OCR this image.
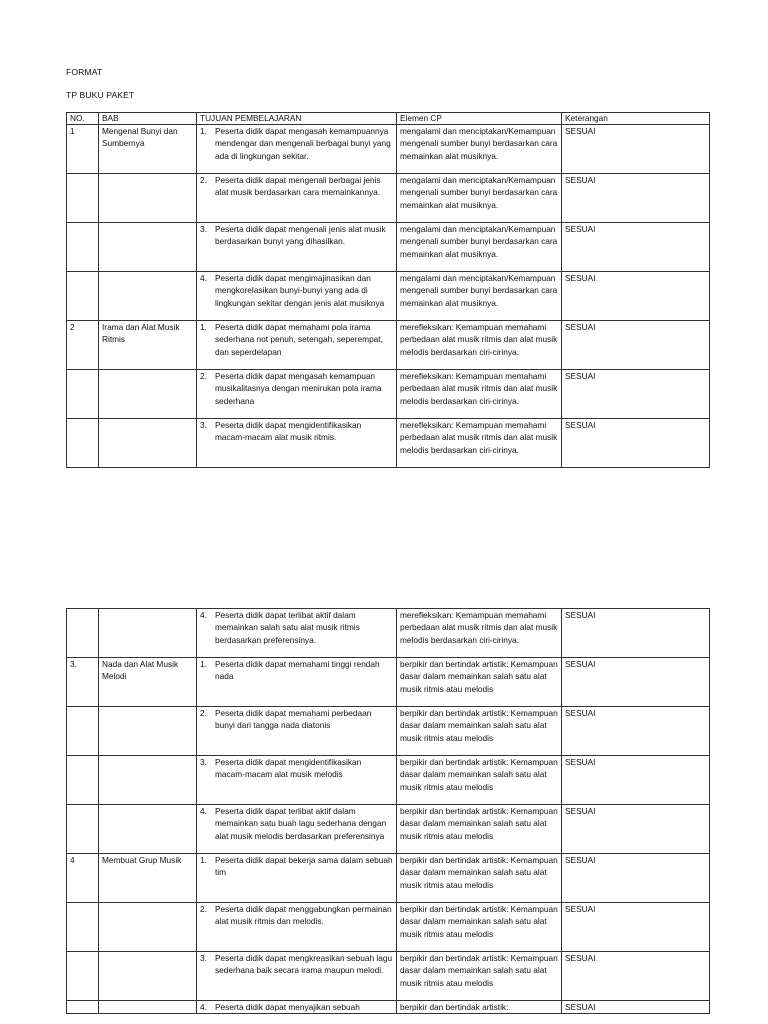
FORMAT
TP BUKU PAKET
NO.	BAB	TUJUAN PEMBELAJARAN	Elemen CP	Keterangan
1	Mengenal Bunyi dan Sumbernya	1. Peserta didik dapat mengasah kemampuannya mendengar dan mengenali berbagai bunyi yang ada di lingkungan sekitar.	mengalami dan menciptakan/Kemampuan mengenali sumber bunyi berdasarkan cara memainkan alat musiknya.	SESUAI

		2. Peserta didik dapat mengenali berbagai jenis alat musik berdasarkan cara memainkannya.	mengalami dan menciptakan/Kemampuan mengenali sumber bunyi berdasarkan cara memainkan alat musiknya.	SESUAI

		3. Peserta didik dapat mengenali jenis alat musik berdasarkan bunyi yang dihasilkan.	mengalami dan menciptakan/Kemampuan mengenali sumber bunyi berdasarkan cara memainkan alat musiknya.	SESUAI

		4. Peserta didik dapat mengimajinasikan dan mengkorelasikan bunyi-bunyi yang ada di lingkungan sekitar dengan jenis alat musiknya	mengalami dan menciptakan/Kemampuan mengenali sumber bunyi berdasarkan cara memainkan alat musiknya.	SESUAI
2	Irama dan Alat Musik Ritmis	1. Peserta didik dapat memahami pola irama sederhana not penuh, setengah, seperempat, dan seperdelapan	merefleksikan: Kemampuan memahami perbedaan alat musik ritmis dan alat musik melodis berdasarkan ciri-cirinya.	SESUAI

		2. Peserta didik dapat mengasah kemampuan musikalitasnya dengan menirukan pola irama sederhana	merefleksikan: Kemampuan memahami perbedaan alat musik ritmis dan alat musik melodis berdasarkan ciri-cirinya.	SESUAI

		3. Peserta didik dapat mengidentifikasikan macam-macam alat musik ritmis.	merefleksikan: Kemampuan memahami perbedaan alat musik ritmis dan alat musik melodis berdasarkan ciri-cirinya.	SESUAI

		4. Peserta didik dapat terlibat aktif dalam memainkan salah satu alat musik ritmis berdasarkan preferensinya.	merefleksikan: Kemampuan memahami perbedaan alat musik ritmis dan alat musik melodis berdasarkan ciri-cirinya.	SESUAI
3.	Nada dan Alat Musik Melodi	1. Peserta didik dapat memahami tinggi rendah nada	berpikir dan bertindak artistik: Kemampuan dasar dalam memainkan salah satu alat musik ritmis atau melodis	SESUAI

		2. Peserta didik dapat memahami perbedaan bunyi dari tangga nada diatonis	berpikir dan bertindak artistik: Kemampuan dasar dalam memainkan salah satu alat musik ritmis atau melodis	SESUAI

		3. Peserta didik dapat mengidentifikasikan macam-macam alat musik melodis	berpikir dan bertindak artistik: Kemampuan dasar dalam memainkan salah satu alat musik ritmis atau melodis	SESUAI

		4. Peserta didik dapat terlibat aktif dalam memainkan satu buah lagu sederhana dengan alat musik melodis berdasarkan preferensinya	berpikir dan bertindak artistik: Kemampuan dasar dalam memainkan salah satu alat musik ritmis atau melodis	SESUAI
4	Membuat Grup Musik	1. Peserta didik dapat bekerja sama dalam sebuah tim	berpikir dan bertindak artistik: Kemampuan dasar dalam memainkan salah satu alat musik ritmis atau melodis	SESUAI

		2. Peserta didik dapat menggabungkan permainan alat musik ritmis dan melodis.	berpikir dan bertindak artistik: Kemampuan dasar dalam memainkan salah satu alat musik ritmis atau melodis	SESUAI

		3. Peserta didik dapat mengkreasikan sebuah lagu sederhana baik secara irama maupun melodi.	berpikir dan bertindak artistik: Kemampuan dasar dalam memainkan salah satu alat musik ritmis atau melodis	SESUAI

		4. Peserta didik dapat menyajikan sebuah	berpikir dan bertindak artistik:	SESUAI
